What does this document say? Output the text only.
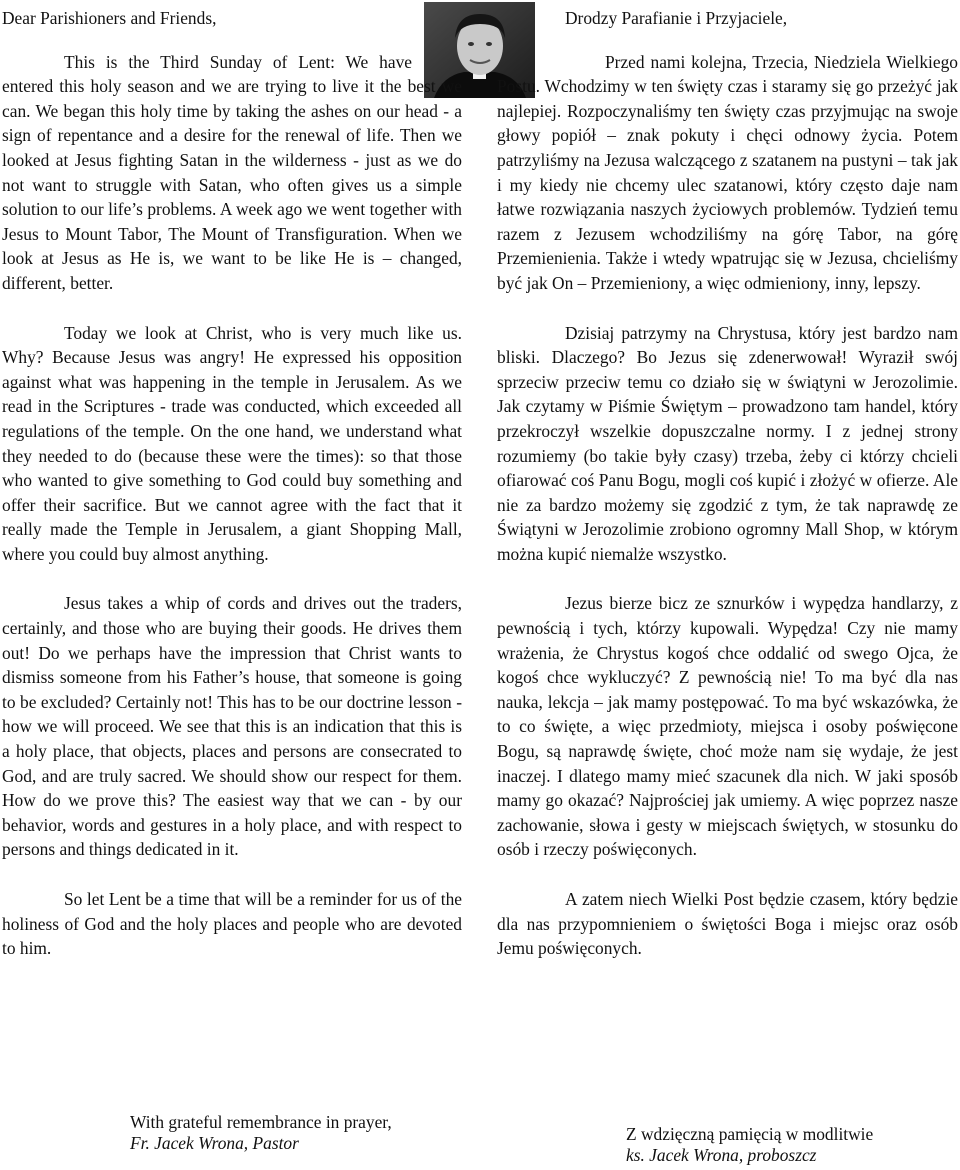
Dear Parishioners and Friends,

This is the Third Sunday of Lent: We have entered this holy season and we are trying to live it the best we can. We began this holy time by taking the ashes on our head - a sign of repentance and a desire for the renewal of life. Then we looked at Jesus fighting Satan in the wilderness - just as we do not want to struggle with Satan, who often gives us a simple solution to our life’s problems. A week ago we went together with Jesus to Mount Tabor, The Mount of Transfiguration. When we look at Jesus as He is, we want to be like He is – changed, different, better.

Today we look at Christ, who is very much like us. Why? Because Jesus was angry! He expressed his opposition against what was happening in the temple in Jerusalem. As we read in the Scriptures - trade was conducted, which exceeded all regulations of the temple. On the one hand, we understand what they needed to do (because these were the times): so that those who wanted to give something to God could buy something and offer their sacrifice. But we cannot agree with the fact that it really made the Temple in Jerusalem, a giant Shopping Mall, where you could buy almost anything.

Jesus takes a whip of cords and drives out the traders, certainly, and those who are buying their goods. He drives them out! Do we perhaps have the impression that Christ wants to dismiss someone from his Father’s house, that someone is going to be excluded? Certainly not! This has to be our doctrine lesson - how we will proceed. We see that this is an indication that this is a holy place, that objects, places and persons are consecrated to God, and are truly sacred. We should show our respect for them. How do we prove this? The easiest way that we can - by our behavior, words and gestures in a holy place, and with respect to persons and things dedicated in it.

So let Lent be a time that will be a reminder for us of the holiness of God and the holy places and people who are devoted to him.

Drodzy Parafianie i Przyjaciele,

Przed nami kolejna, Trzecia, Niedziela Wielkiego Postu. Wchodzimy w ten święty czas i staramy się go przeżyć jak najlepiej. Rozpoczynaliśmy ten święty czas przyjmując na swoje głowy popiół – znak pokuty i chęci odnowy życia. Potem patrzyliśmy na Jezusa walczącego z szatanem na pustyni – tak jak i my kiedy nie chcemy ulec szatanowi, który często daje nam łatwe rozwiązania naszych życiowych problemów. Tydzień temu razem z Jezusem wchodziliśmy na górę Tabor, na górę Przemienienia. Także i wtedy wpatrując się w Jezusa, chcieliśmy być jak On – Przemieniony, a więc odmieniony, inny, lepszy.

Dzisiaj patrzymy na Chrystusa, który jest bardzo nam bliski. Dlaczego? Bo Jezus się zdenerwował! Wyraził swój sprzeciw przeciw temu co działo się w świątyni w Jerozolimie. Jak czytamy w Piśmie Świętym – prowadzono tam handel, który przekroczył wszelkie dopuszczalne normy. I z jednej strony rozumiemy (bo takie były czasy) trzeba, żeby ci którzy chcieli ofiarować coś Panu Bogu, mogli coś kupić i złożyć w ofierze. Ale nie za bardzo możemy się zgodzić z tym, że tak naprawdę ze Świątyni w Jerozolimie zrobiono ogromny Mall Shop, w którym można kupić niemalże wszystko.

Jezus bierze bicz ze sznurków i wypędza handlarzy, z pewnością i tych, którzy kupowali. Wypędza! Czy nie mamy wrażenia, że Chrystus kogoś chce oddalić od swego Ojca, że kogoś chce wykluczyć? Z pewnością nie! To ma być dla nas nauka, lekcja – jak mamy postępować. To ma być wskazówka, że to co święte, a więc przedmioty, miejsca i osoby poświęcone Bogu, są naprawdę święte, choć może nam się wydaje, że jest inaczej. I dlatego mamy mieć szacunek dla nich. W jaki sposób mamy go okazać? Najprościej jak umiemy. A więc poprzez nasze zachowanie, słowa i gesty w miejscach świętych, w stosunku do osób i rzeczy poświęconych.

A zatem niech Wielki Post będzie czasem, który będzie dla nas przypomnieniem o świętości Boga i miejsc oraz osób Jemu poświęconych.

With grateful remembrance in prayer,
Fr. Jacek Wrona, Pastor	Z wdzięczną pamięcią w modlitwie
ks. Jacek Wrona, proboszcz
